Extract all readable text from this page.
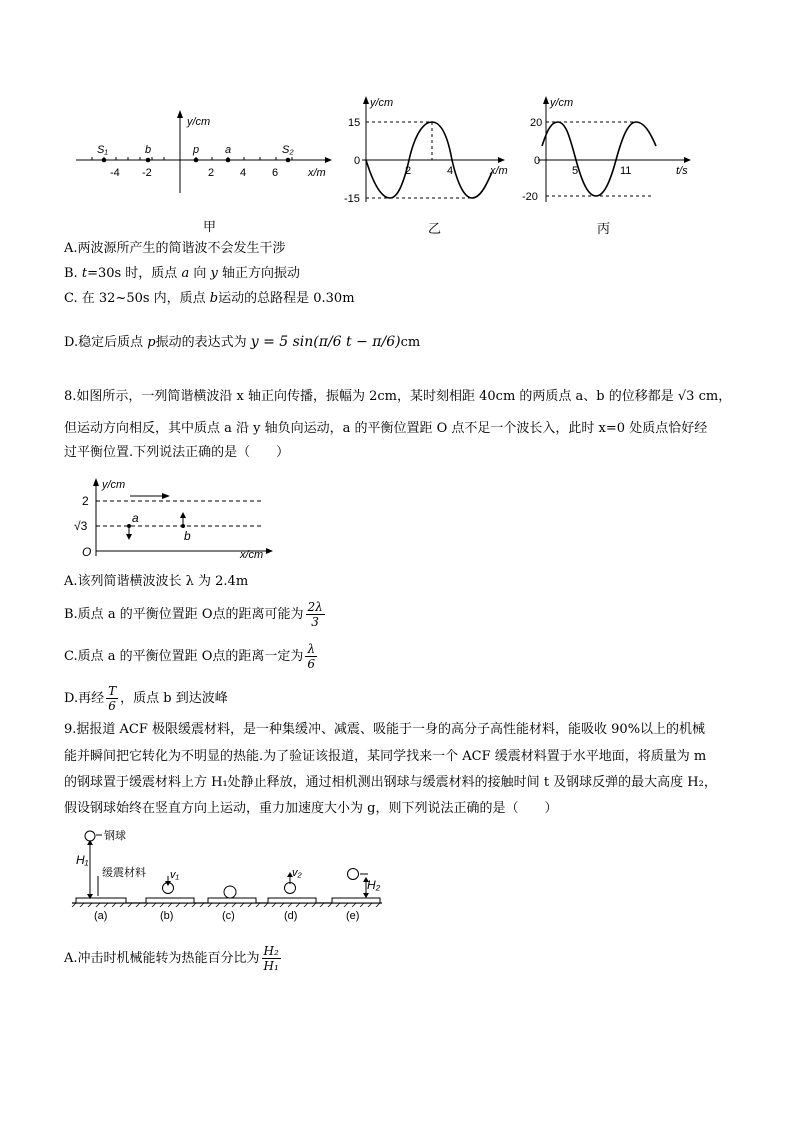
y/cm
x/m
-4 -2	2 4 6
S₁	b	p a	S₂
y/cm
x/m
15
0
-15
2	4
y/cm
t/s
20
0
-20
5	11
甲	乙	丙
A.两波源所产生的简谐波不会发生干涉
B. t=30s 时，质点 a 向 y 轴正方向振动
C. 在 32~50s 内，质点 b运动的总路程是 0.30m
D.稳定后质点 p振动的表达式为 y = 5 sin(π/6 t − π/6)cm
8.如图所示，一列简谐横波沿 x 轴正向传播，振幅为 2cm，某时刻相距 40cm 的两质点 a、b 的位移都是 √3 cm，
但运动方向相反，其中质点 a 沿 y 轴负向运动，a 的平衡位置距 O 点不足一个波长入，此时 x=0 处质点恰好经
过平衡位置.下列说法正确的是（　　）
y/cm
x/cm
2
√3
O
a
b
A.该列简谐横波波长 λ 为 2.4m
B.质点 a 的平衡位置距 O点的距离可能为 $\frac{2\lambda}{3}$
C.质点 a 的平衡位置距 O点的距离一定为 $\frac{\lambda}{6}$
D.再经 $\frac{T}{6}$ ，质点 b 到达波峰
9.据报道 ACF 极限缓震材料，是一种集缓冲、减震、吸能于一身的高分子高性能材料，能吸收 90%以上的机械
能并瞬间把它转化为不明显的热能.为了验证该报道，某同学找来一个 ACF 缓震材料置于水平地面，将质量为 m
的钢球置于缓震材料上方 H₁处静止释放，通过相机测出钢球与缓震材料的接触时间 t 及钢球反弹的最大高度 H₂，
假设钢球始终在竖直方向上运动，重力加速度大小为 g，则下列说法正确的是（　　）
钢球
H₁
缓震材料 v₁	v₂
H₂
(a)	(b)	(c)	(d)	(e)
A.冲击时机械能转为热能百分比为 $\frac{\text{H₂}}{\text{H₁}}$
